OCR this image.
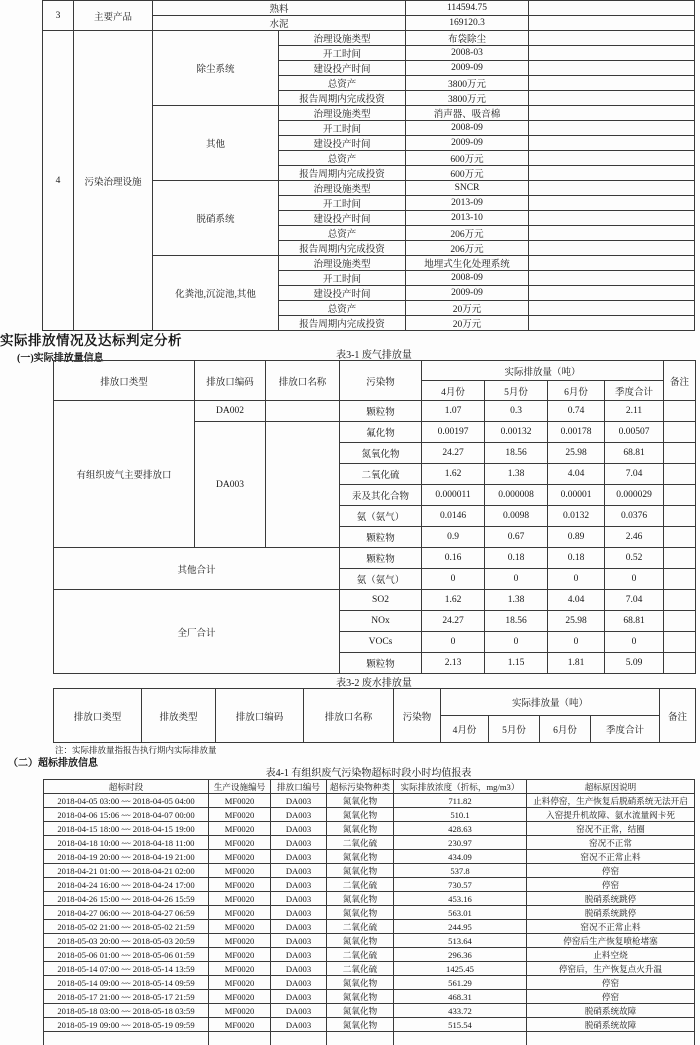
3	主要产品	熟料		114594.75	
		水泥		169120.3	
4	污染治理设施	除尘系统	治理设施类型	布袋除尘	
			开工时间	2008-03	
			建设投产时间	2009-09	
			总资产	3800万元	
			报告周期内完成投资	3800万元	
		其他	治理设施类型	消声器、吸音棉	
			开工时间	2008-09	
			建设投产时间	2009-09	
			总资产	600万元	
			报告周期内完成投资	600万元	
		脱硝系统	治理设施类型	SNCR	
			开工时间	2013-09	
			建设投产时间	2013-10	
			总资产	206万元	
			报告周期内完成投资	206万元	
		化粪池,沉淀池,其他	治理设施类型	地埋式生化处理系统	
			开工时间	2008-09	
			建设投产时间	2009-09	
			总资产	20万元	
			报告周期内完成投资	20万元	
实际排放情况及达标判定分析
(一)实际排放量信息	表3-1 废气排放量
排放口类型	排放口编码	排放口名称	污染物	实际排放量（吨）				备注
				4月份	5月份	6月份	季度合计	
有组织废气主要排放口	DA002		颗粒物	1.07	0.3	0.74	2.11	
	DA003		氟化物	0.00197	0.00132	0.00178	0.00507	
			氮氧化物	24.27	18.56	25.98	68.81	
			二氧化硫	1.62	1.38	4.04	7.04	
			汞及其化合物	0.000011	0.000008	0.00001	0.000029	
			氨（氨气）	0.0146	0.0098	0.0132	0.0376	
			颗粒物	0.9	0.67	0.89	2.46	
其他合计			颗粒物	0.16	0.18	0.18	0.52	
			氨（氨气）	0	0	0	0	
全厂合计			SO2	1.62	1.38	4.04	7.04	
			NOx	24.27	18.56	25.98	68.81	
			VOCs	0	0	0	0	
			颗粒物	2.13	1.15	1.81	5.09	
表3-2 废水排放量
排放口类型	排放类型	排放口编码	排放口名称	污染物	实际排放量（吨）				备注
					4月份	5月份	6月份	季度合计	
注：实际排放量指报告执行期内实际排放量
（二）超标排放信息
表4-1 有组织废气污染物超标时段小时均值报表
超标时段	生产设施编号	排放口编号	超标污染物种类	实际排放浓度（折标，mg/m3）	超标原因说明
2018-04-05 03:00 ~~ 2018-04-05 04:00	MF0020	DA003	氮氧化物	711.82	止料停窑，生产恢复后脱硝系统无法开启
2018-04-06 15:06 ~~ 2018-04-07 00:00	MF0020	DA003	氮氧化物	510.1	入窑提升机故障、氨水流量阀卡死
2018-04-15 18:00 ~~ 2018-04-15 19:00	MF0020	DA003	氮氧化物	428.63	窑况不正常，结圈
2018-04-18 10:00 ~~ 2018-04-18 11:00	MF0020	DA003	二氧化硫	230.97	窑况不正常
2018-04-19 20:00 ~~ 2018-04-19 21:00	MF0020	DA003	氮氧化物	434.09	窑况不正常止料
2018-04-21 01:00 ~~ 2018-04-21 02:00	MF0020	DA003	氮氧化物	537.8	停窑
2018-04-24 16:00 ~~ 2018-04-24 17:00	MF0020	DA003	二氧化硫	730.57	停窑
2018-04-26 15:00 ~~ 2018-04-26 15:59	MF0020	DA003	氮氧化物	453.16	脱硝系统跳停
2018-04-27 06:00 ~~ 2018-04-27 06:59	MF0020	DA003	氮氧化物	563.01	脱硝系统跳停
2018-05-02 21:00 ~~ 2018-05-02 21:59	MF0020	DA003	二氧化硫	244.95	窑况不正常止料
2018-05-03 20:00 ~~ 2018-05-03 20:59	MF0020	DA003	氮氧化物	513.64	停窑后生产恢复喷枪堵塞
2018-05-06 01:00 ~~ 2018-05-06 01:59	MF0020	DA003	二氧化硫	296.36	止料空烧
2018-05-14 07:00 ~~ 2018-05-14 13:59	MF0020	DA003	二氧化硫	1425.45	停窑后，生产恢复点火升温
2018-05-14 09:00 ~~ 2018-05-14 09:59	MF0020	DA003	氮氧化物	561.29	停窑
2018-05-17 21:00 ~~ 2018-05-17 21:59	MF0020	DA003	氮氧化物	468.31	停窑
2018-05-18 03:00 ~~ 2018-05-18 03:59	MF0020	DA003	氮氧化物	433.72	脱硝系统故障
2018-05-19 09:00 ~~ 2018-05-19 09:59	MF0020	DA003	氮氧化物	515.54	脱硝系统故障
